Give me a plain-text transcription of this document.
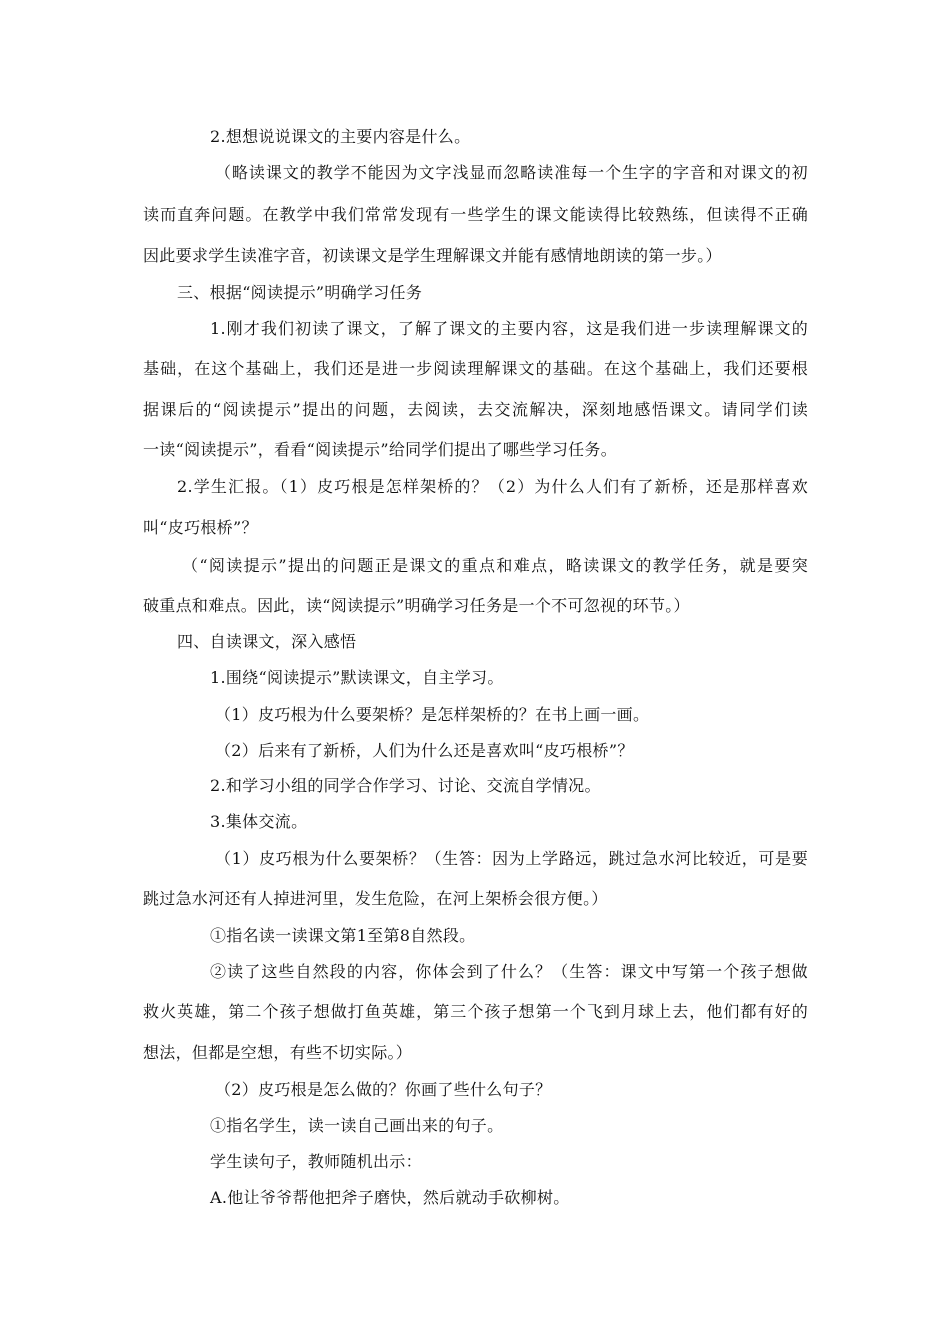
2.想想说说课文的主要内容是什么。
（略读课文的教学不能因为文字浅显而忽略读准每一个生字的字音和对课文的初
读而直奔问题。在教学中我们常常发现有一些学生的课文能读得比较熟练，但读得不正确
因此要求学生读准字音，初读课文是学生理解课文并能有感情地朗读的第一步。）
三、根据“阅读提示”明确学习任务
1.刚才我们初读了课文，了解了课文的主要内容，这是我们进一步读理解课文的
基础，在这个基础上，我们还是进一步阅读理解课文的基础。在这个基础上，我们还要根
据课后的“阅读提示”提出的问题，去阅读，去交流解决，深刻地感悟课文。请同学们读
一读“阅读提示”，看看“阅读提示”给同学们提出了哪些学习任务。
2.学生汇报。（1）皮巧根是怎样架桥的？（2）为什么人们有了新桥，还是那样喜欢
叫“皮巧根桥”？
（“阅读提示”提出的问题正是课文的重点和难点，略读课文的教学任务，就是要突
破重点和难点。因此，读“阅读提示”明确学习任务是一个不可忽视的环节。）
四、自读课文，深入感悟
1.围绕“阅读提示”默读课文，自主学习。
（1）皮巧根为什么要架桥？是怎样架桥的？在书上画一画。
（2）后来有了新桥，人们为什么还是喜欢叫“皮巧根桥”？
2.和学习小组的同学合作学习、讨论、交流自学情况。
3.集体交流。
（1）皮巧根为什么要架桥？（生答：因为上学路远，跳过急水河比较近，可是要
跳过急水河还有人掉进河里，发生危险，在河上架桥会很方便。）
①指名读一读课文第1至第8自然段。
②读了这些自然段的内容，你体会到了什么？（生答：课文中写第一个孩子想做
救火英雄，第二个孩子想做打鱼英雄，第三个孩子想第一个飞到月球上去，他们都有好的
想法，但都是空想，有些不切实际。）
（2）皮巧根是怎么做的？你画了些什么句子？
①指名学生，读一读自己画出来的句子。
学生读句子，教师随机出示：
A.他让爷爷帮他把斧子磨快，然后就动手砍柳树。
